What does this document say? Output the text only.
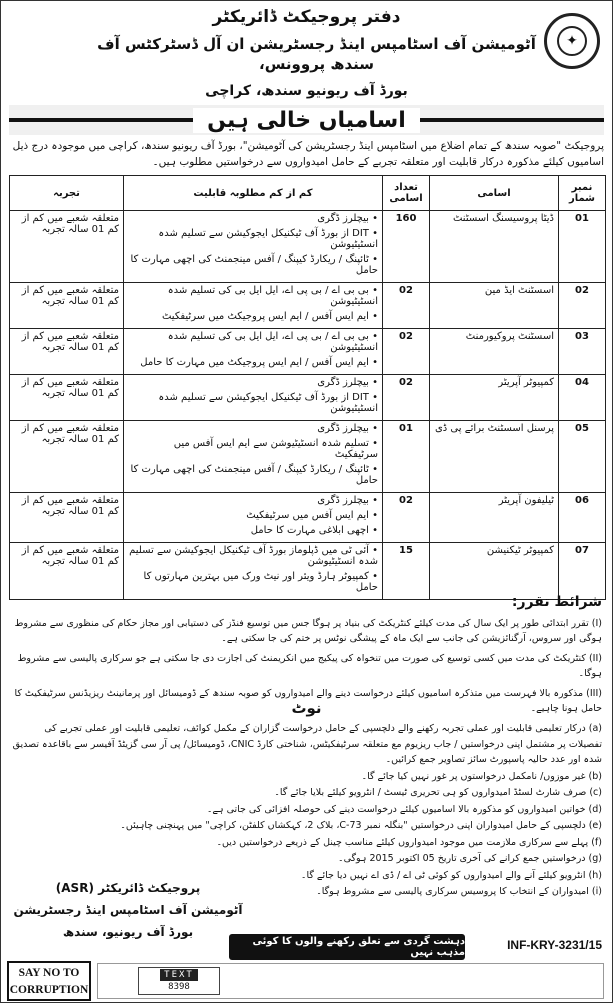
✦
دفتر پروجیکٹ ڈائریکٹر
آٹومیشن آف اسٹامپس اینڈ رجسٹریشن ان آل ڈسٹرکٹس آف سندھ پروونس،
بورڈ آف ریونیو سندھ، کراچی
اسامیاں خالی ہیں
پروجیکٹ "صوبہ سندھ کے تمام اضلاع میں اسٹامپس اینڈ رجسٹریشن کی آٹومیشن"، بورڈ آف ریونیو سندھ، کراچی میں موجودہ درج ذیل اسامیوں کیلئے مذکورہ درکار قابلیت اور متعلقہ تجربے کے حامل امیدواروں سے درخواستیں مطلوب ہیں۔
نمبر شمار	اسامی	تعداد اسامی	کم از کم مطلوبہ قابلیت	تجربہ
01	ڈیٹا پروسیسنگ اسسٹنٹ	160	• بیچلرز ڈگری
• DIT از بورڈ آف ٹیکنیکل ایجوکیشن سے تسلیم شدہ انسٹیٹیوشن
• ٹائپنگ / ریکارڈ کیپنگ / آفس مینجمنٹ کی اچھی مہارت کا حامل	متعلقہ شعبے میں کم از کم 01 سالہ تجربہ
02	اسسٹنٹ ایڈ مین	02	• بی بی اے / بی پی اے، ایل ایل بی کی تسلیم شدہ انسٹیٹیوشن
• ایم ایس آفس / ایم ایس پروجیکٹ میں سرٹیفکیٹ	متعلقہ شعبے میں کم از کم 01 سالہ تجربہ
03	اسسٹنٹ پروکیورمنٹ	02	• بی بی اے / بی پی اے، ایل ایل بی کی تسلیم شدہ انسٹیٹیوشن
• ایم ایس آفس / ایم ایس پروجیکٹ میں مہارت کا حامل	متعلقہ شعبے میں کم از کم 01 سالہ تجربہ
04	کمپیوٹر آپریٹر	02	• بیچلرز ڈگری
• DIT از بورڈ آف ٹیکنیکل ایجوکیشن سے تسلیم شدہ انسٹیٹیوشن	متعلقہ شعبے میں کم از کم 01 سالہ تجربہ
05	پرسنل اسسٹنٹ برائے پی ڈی	01	• بیچلرز ڈگری
• تسلیم شدہ انسٹیٹیوشن سے ایم ایس آفس میں سرٹیفکیٹ
• ٹائپنگ / ریکارڈ کیپنگ / آفس مینجمنٹ کی اچھی مہارت کا حامل	متعلقہ شعبے میں کم از کم 01 سالہ تجربہ
06	ٹیلیفون آپریٹر	02	• بیچلرز ڈگری
• ایم ایس آفس میں سرٹیفکیٹ
• اچھی ابلاغی مہارت کا حامل	متعلقہ شعبے میں کم از کم 01 سالہ تجربہ
07	کمپیوٹر ٹیکنیشن	15	• آئی ٹی میں ڈپلوماز بورڈ آف ٹیکنیکل ایجوکیشن سے تسلیم شدہ انسٹیٹیوشن
• کمپیوٹر ہارڈ ویئر اور نیٹ ورک میں بہترین مہارتوں کا حامل	متعلقہ شعبے میں کم از کم 01 سالہ تجربہ
شرائط تقرر:
(I) تقرر ابتدائی طور پر ایک سال کی مدت کیلئے کنٹریکٹ کی بنیاد پر ہوگا جس میں توسیع فنڈز کی دستیابی اور مجاز حکام کی منظوری سے مشروط ہوگی اور سروس، آرگنائزیشن کی جانب سے ایک ماہ کے پیشگی نوٹس پر ختم کی جا سکتی ہے۔
(II) کنٹریکٹ کی مدت میں کسی توسیع کی صورت میں تنخواہ کی پیکیج میں انکریمنٹ کی اجازت دی جا سکتی ہے جو سرکاری پالیسی سے مشروط ہوگا۔
(III) مذکورہ بالا فہرست میں متذکرہ اسامیوں کیلئے درخواست دینے والے امیدواروں کو صوبہ سندھ کے ڈومیسائل اور پرمانینٹ ریزیڈنس سرٹیفکیٹ کا حامل ہونا چاہیے۔
نوٹ
(a) درکار تعلیمی قابلیت اور عملی تجربہ رکھنے والے دلچسپی کے حامل درخواست گزاران کے مکمل کوائف، تعلیمی قابلیت اور عملی تجربے کی تفصیلات پر مشتمل اپنی درخواستیں / جاب ریزیوم مع متعلقہ سرٹیفکیٹس، شناختی کارڈ CNIC، ڈومیسائل/ پی آر سی گزیٹڈ آفیسر سے باقاعدہ تصدیق شدہ اور عدد حالیہ پاسپورٹ سائز تصاویر جمع کرائیں۔
(b) غیر موزوں/ نامکمل درخواستوں پر غور نہیں کیا جائے گا۔
(c) صرف شارٹ لسٹڈ امیدواروں کو ہی تحریری ٹیسٹ / انٹرویو کیلئے بلایا جائے گا۔
(d) خواتین امیدواروں کو مذکورہ بالا اسامیوں کیلئے درخواست دینے کی حوصلہ افزائی کی جاتی ہے۔
(e) دلچسپی کے حامل امیدواران اپنی درخواستیں "بنگلہ نمبر C-73، بلاک 2، کہکشاں کلفٹن، کراچی" میں پہنچنی چاہیئں۔
(f) پہلے سے سرکاری ملازمت میں موجود امیدواروں کیلئے مناسب چینل کے ذریعے درخواستیں دیں۔
(g) درخواستیں جمع کرانے کی آخری تاریخ 05 اکتوبر 2015 ہوگی۔
(h) انٹرویو کیلئے آنے والے امیدواروں کو کوئی ٹی اے / ڈی اے نہیں دیا جائے گا۔
(i) امیدواران کے انتخاب کا پروسیس سرکاری پالیسی سے مشروط ہوگا۔
پروجیکٹ ڈائریکٹر (ASR)
آٹومیشن آف اسٹامپس اینڈ رجسٹریشن
بورڈ آف ریونیو، سندھ
دہشت گردی سے تعلق رکھنے والوں کا کوئی مذہب نہیں
INF-KRY-3231/15
SAY NO TO
CORRUPTION
TEXT
8398
